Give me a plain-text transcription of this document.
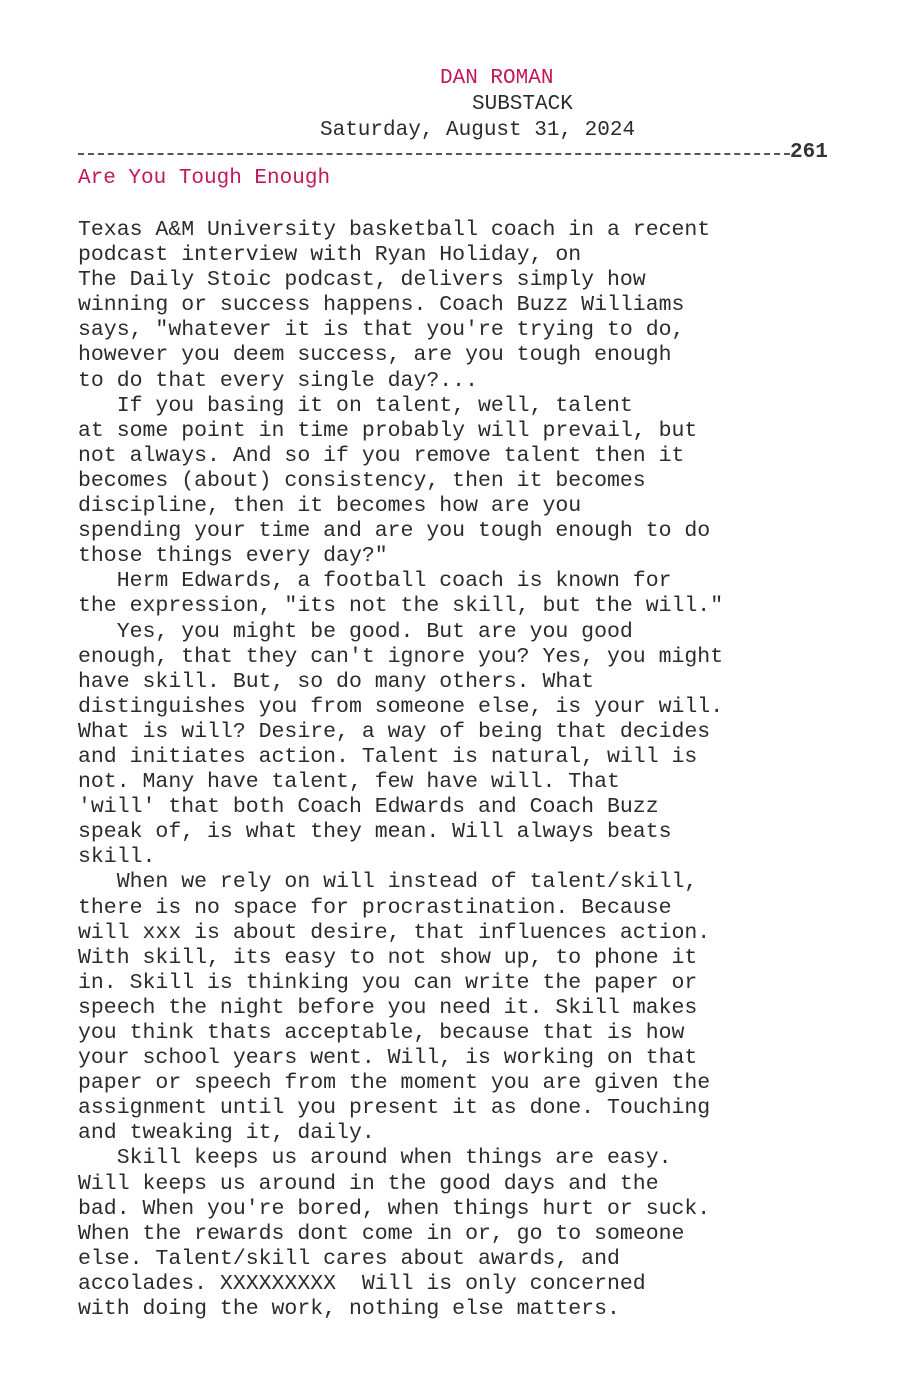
DAN ROMAN
SUBSTACK
Saturday, August 31, 2024
261
Are You Tough Enough
Texas A&M University basketball coach in a recent
podcast interview with Ryan Holiday, on
The Daily Stoic podcast, delivers simply how
winning or success happens. Coach Buzz Williams
says, "whatever it is that you're trying to do,
however you deem success, are you tough enough
to do that every single day?...
If you basing it on talent, well, talent
at some point in time probably will prevail, but
not always. And so if you remove talent then it
becomes (about) consistency, then it becomes
discipline, then it becomes how are you
spending your time and are you tough enough to do
those things every day?"
Herm Edwards, a football coach is known for
the expression, "its not the skill, but the will."
Yes, you might be good. But are you good
enough, that they can't ignore you? Yes, you might
have skill. But, so do many others. What
distinguishes you from someone else, is your will.
What is will? Desire, a way of being that decides
and initiates action. Talent is natural, will is
not. Many have talent, few have will. That
'will' that both Coach Edwards and Coach Buzz
speak of, is what they mean. Will always beats
skill.
When we rely on will instead of talent/skill,
there is no space for procrastination. Because
will xxx is about desire, that influences action.
With skill, its easy to not show up, to phone it
in. Skill is thinking you can write the paper or
speech the night before you need it. Skill makes
you think thats acceptable, because that is how
your school years went. Will, is working on that
paper or speech from the moment you are given the
assignment until you present it as done. Touching
and tweaking it, daily.
Skill keeps us around when things are easy.
Will keeps us around in the good days and the
bad. When you're bored, when things hurt or suck.
When the rewards dont come in or, go to someone
else. Talent/skill cares about awards, and
accolades. XXXXXXXXX  Will is only concerned
with doing the work, nothing else matters.
